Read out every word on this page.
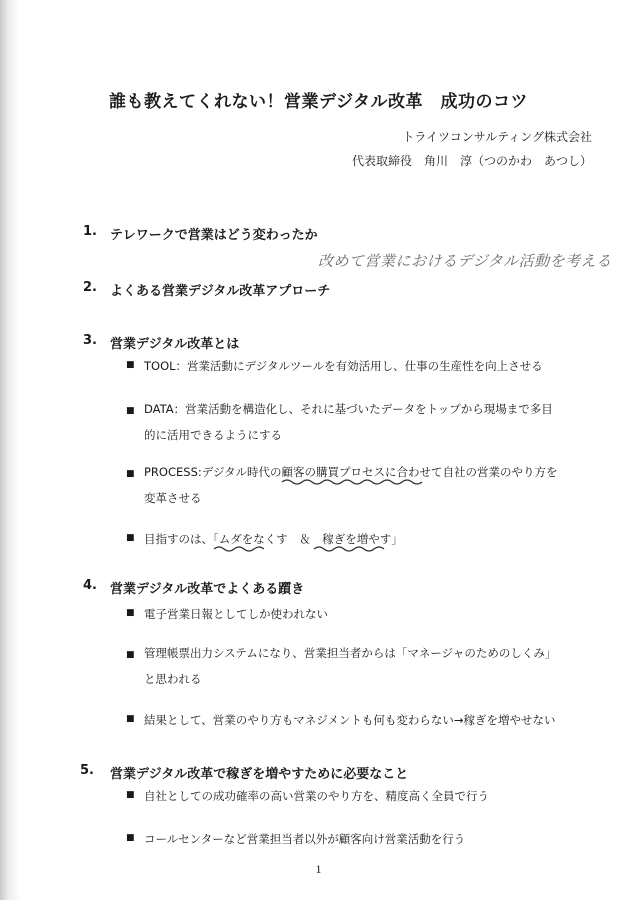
誰も教えてくれない！営業デジタル改革　成功のコツ
トライツコンサルティング株式会社
代表取締役　角川　淳（つのかわ　あつし）
1. テレワークで営業はどう変わったか
改めて営業におけるデジタル活動を考える
2. よくある営業デジタル改革アプローチ
3. 営業デジタル改革とは
■ TOOL：営業活動にデジタルツールを有効活用し、仕事の生産性を向上させる
■ DATA：営業活動を構造化し、それに基づいたデータをトップから現場まで多目的に活用できるようにする
■ PROCESS:デジタル時代の顧客の購買プロセスに合わせて自社の営業のやり方を変革させる
■ 目指すのは、「ムダをなくす　＆　稼ぎを増やす」
4. 営業デジタル改革でよくある躓き
■ 電子営業日報としてしか使われない
■ 管理帳票出力システムになり、営業担当者からは「マネージャのためのしくみ」と思われる
■ 結果として、営業のやり方もマネジメントも何も変わらない→稼ぎを増やせない
5. 営業デジタル改革で稼ぎを増やすために必要なこと
■ 自社としての成功確率の高い営業のやり方を、精度高く全員で行う
■ コールセンターなど営業担当者以外が顧客向け営業活動を行う
1
